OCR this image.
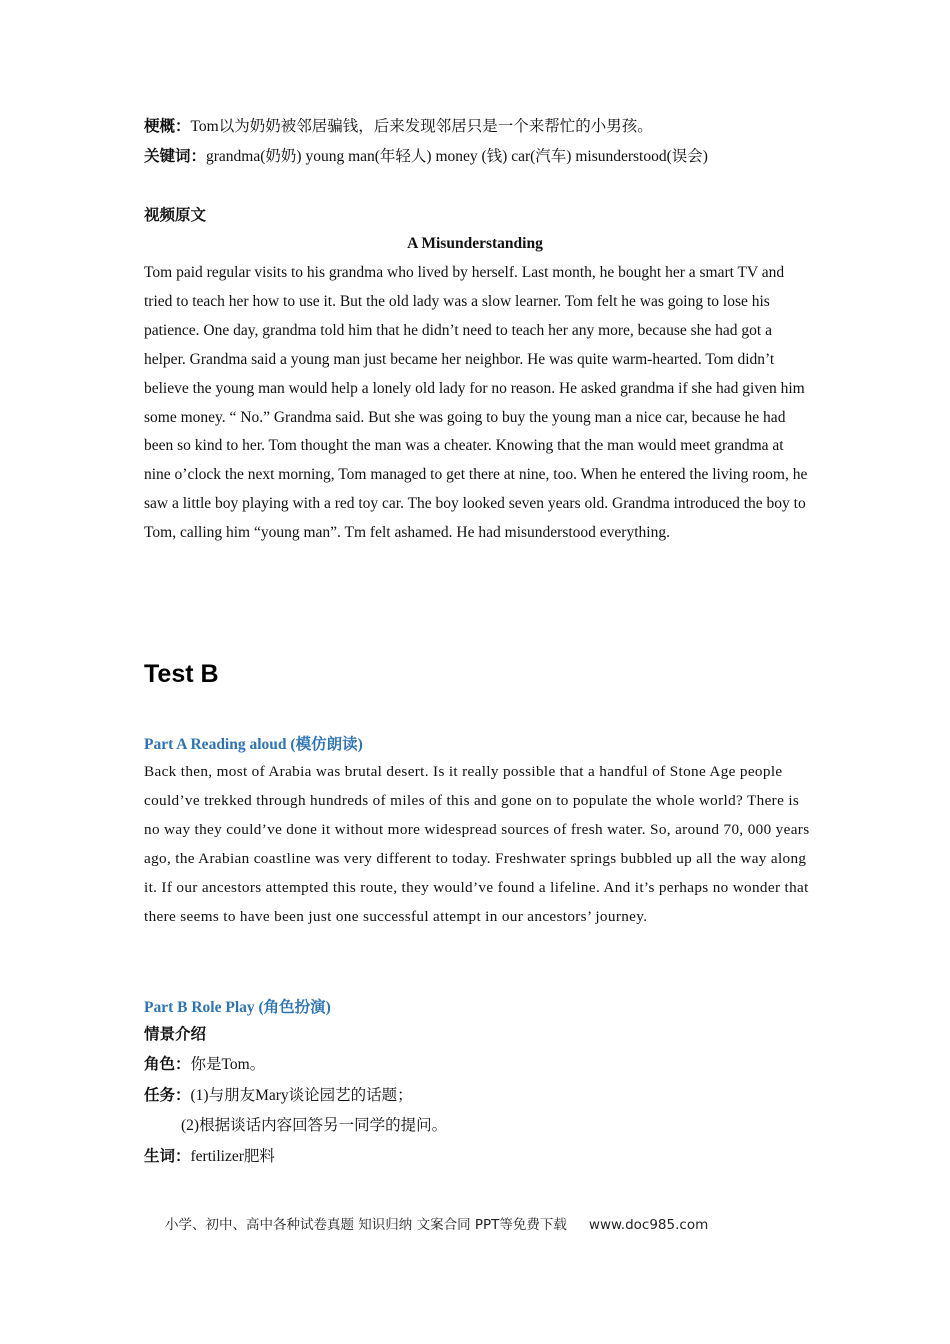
梗概：Tom以为奶奶被邻居骗钱，后来发现邻居只是一个来帮忙的小男孩。
关键词：grandma(奶奶) young man(年轻人) money (钱) car(汽车) misunderstood(误会)
视频原文
A Misunderstanding

Tom paid regular visits to his grandma who lived by herself. Last month, he bought her a smart TV and tried to teach her how to use it. But the old lady was a slow learner. Tom felt he was going to lose his patience. One day, grandma told him that he didn’t need to teach her any more, because she had got a helper. Grandma said a young man just became her neighbor. He was quite warm-hearted. Tom didn’t believe the young man would help a lonely old lady for no reason. He asked grandma if she had given him some money. “ No.” Grandma said. But she was going to buy the young man a nice car, because he had been so kind to her. Tom thought the man was a cheater. Knowing that the man would meet grandma at nine o’clock the next morning, Tom managed to get there at nine, too. When he entered the living room, he saw a little boy playing with a red toy car. The boy looked seven years old. Grandma introduced the boy to Tom, calling him “young man”. Tm felt ashamed. He had misunderstood everything.

Test B
Part A Reading aloud (模仿朗读)

Back then, most of Arabia was brutal desert. Is it really possible that a handful of Stone Age people could’ve trekked through hundreds of miles of this and gone on to populate the whole world? There is no way they could’ve done it without more widespread sources of fresh water. So, around 70, 000 years ago, the Arabian coastline was very different to today. Freshwater springs bubbled up all the way along it. If our ancestors attempted this route, they would’ve found a lifeline. And it’s perhaps no wonder that there seems to have been just one successful attempt in our ancestors’ journey.

Part B Role Play (角色扮演)
情景介绍
角色：你是Tom。
任务：(1)与朋友Mary谈论园艺的话题；
(2)根据谈话内容回答另一同学的提问。
生词：fertilizer肥料
小学、初中、高中各种试卷真题 知识归纳 文案合同 PPT等免费下载 www.doc985.com
